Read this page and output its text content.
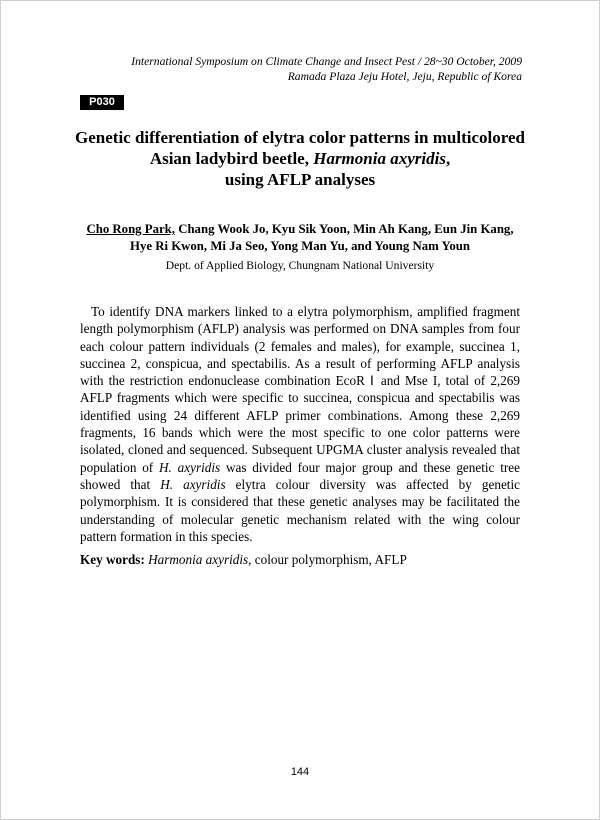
International Symposium on Climate Change and Insect Pest / 28~30 October, 2009
Ramada Plaza Jeju Hotel, Jeju, Republic of Korea
P030
Genetic differentiation of elytra color patterns in multicolored
Asian ladybird beetle, Harmonia axyridis,
using AFLP analyses
Cho Rong Park, Chang Wook Jo, Kyu Sik Yoon, Min Ah Kang, Eun Jin Kang,
Hye Ri Kwon, Mi Ja Seo, Yong Man Yu, and Young Nam Youn
Dept. of Applied Biology, Chungnam National University

To identify DNA markers linked to a elytra polymorphism, amplified fragment length polymorphism (AFLP) analysis was performed on DNA samples from four each colour pattern individuals (2 females and males), for example, succinea 1, succinea 2, conspicua, and spectabilis. As a result of performing AFLP analysis with the restriction endonuclease combination EcoR Ⅰ and Mse I, total of 2,269 AFLP fragments which were specific to succinea, conspicua and spectabilis was identified using 24 different AFLP primer combinations. Among these 2,269 fragments, 16 bands which were the most specific to one color patterns were isolated, cloned and sequenced. Subsequent UPGMA cluster analysis revealed that population of H. axyridis was divided four major group and these genetic tree showed that H. axyridis elytra colour diversity was affected by genetic polymorphism. It is considered that these genetic analyses may be facilitated the understanding of molecular genetic mechanism related with the wing colour pattern formation in this species.

Key words: Harmonia axyridis, colour polymorphism, AFLP

144
